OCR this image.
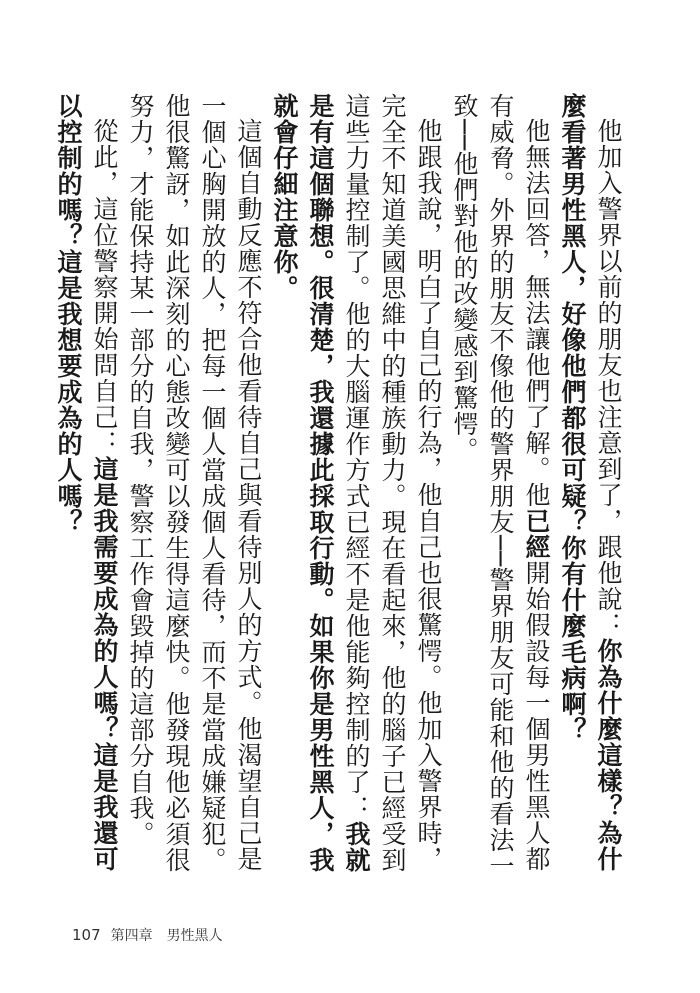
他加入警界以前的朋友也注意到了，跟他說：你為什麼這樣？為什麼看著男性黑人，好像他們都很可疑？你有什麼毛病啊？

他無法回答，無法讓他們了解。他已經開始假設每一個男性黑人都有威脅。外界的朋友不像他的警界朋友──警界朋友可能和他的看法一致──他們對他的改變感到驚愕。

他跟我說，明白了自己的行為，他自己也很驚愕。他加入警界時，完全不知道美國思維中的種族動力。現在看起來，他的腦子已經受到這些力量控制了。他的大腦運作方式已經不是他能夠控制的了：我就是有這個聯想。很清楚，我還據此採取行動。如果你是男性黑人，我就會仔細注意你。

這個自動反應不符合他看待自己與看待別人的方式。他渴望自己是一個心胸開放的人，把每一個人當成個人看待，而不是當成嫌疑犯。他很驚訝，如此深刻的心態改變可以發生得這麼快。他發現他必須很努力，才能保持某一部分的自我，警察工作會毀掉的這部分自我。

從此，這位警察開始問自己：這是我需要成為的人嗎？這是我還可以控制的嗎？這是我想要成為的人嗎？

107 第四章　男性黑人
